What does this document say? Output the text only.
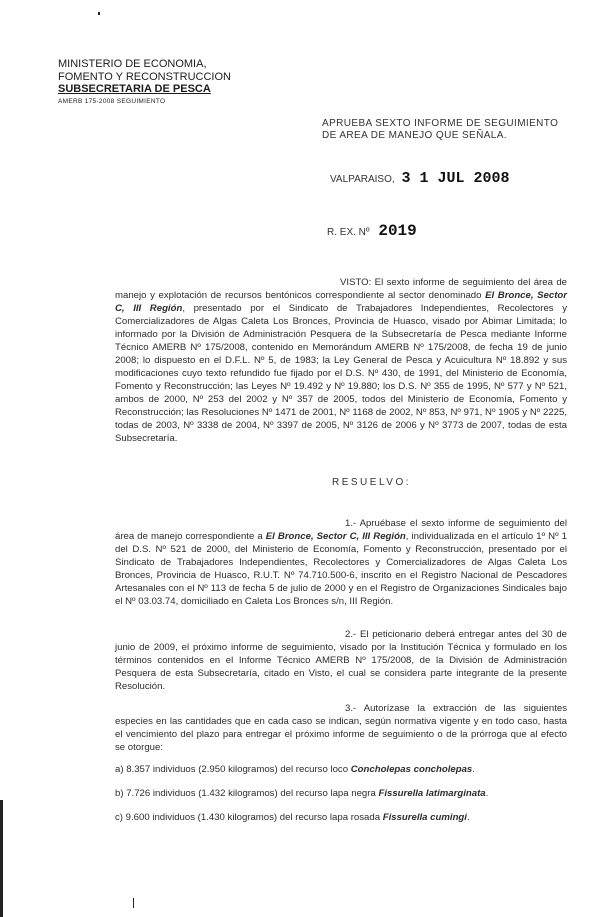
MINISTERIO DE ECONOMIA,
FOMENTO Y RECONSTRUCCION
SUBSECRETARIA DE PESCA
AMERB 175-2008 SEGUIMIENTO
APRUEBA SEXTO INFORME DE SEGUIMIENTO
DE AREA DE MANEJO QUE SEÑALA.
VALPARAISO, 3 1 JUL 2008
R. EX. Nº 2019
VISTO: El sexto informe de seguimiento del área de manejo y explotación de recursos bentónicos correspondiente al sector denominado El Bronce, Sector C, III Región, presentado por el Sindicato de Trabajadores Independientes, Recolectores y Comercializadores de Algas Caleta Los Bronces, Provincia de Huasco, visado por Abimar Limitada; lo informado por la División de Administración Pesquera de la Subsecretaría de Pesca mediante Informe Técnico AMERB Nº 175/2008, contenido en Memorándum AMERB Nº 175/2008, de fecha 19 de junio 2008; lo dispuesto en el D.F.L. Nº 5, de 1983; la Ley General de Pesca y Acuicultura Nº 18.892 y sus modificaciones cuyo texto refundido fue fijado por el D.S. Nº 430, de 1991, del Ministerio de Economía, Fomento y Reconstrucción; las Leyes Nº 19.492 y Nº 19.880; los D.S. Nº 355 de 1995, Nº 577 y Nº 521, ambos de 2000, Nº 253 del 2002 y Nº 357 de 2005, todos del Ministerio de Economía, Fomento y Reconstrucción; las Resoluciones Nº 1471 de 2001, Nº 1168 de 2002, Nº 853, Nº 971, Nº 1905 y Nº 2225, todas de 2003, Nº 3338 de 2004, Nº 3397 de 2005, Nº 3126 de 2006 y Nº 3773 de 2007, todas de esta Subsecretaría.
RESUELVO:
1.- Apruébase el sexto informe de seguimiento del área de manejo correspondiente a El Bronce, Sector C, III Región, individualizada en el artículo 1º Nº 1 del D.S. Nº 521 de 2000, del Ministerio de Economía, Fomento y Reconstrucción, presentado por el Sindicato de Trabajadores Independientes, Recolectores y Comercializadores de Algas Caleta Los Bronces, Provincia de Huasco, R.U.T. Nº 74.710.500-6, inscrito en el Registro Nacional de Pescadores Artesanales con el Nº 113 de fecha 5 de julio de 2000 y en el Registro de Organizaciones Sindicales bajo el Nº 03.03.74, domiciliado en Caleta Los Bronces s/n, III Región.
2.- El peticionario deberá entregar antes del 30 de junio de 2009, el próximo informe de seguimiento, visado por la Institución Técnica y formulado en los términos contenidos en el Informe Técnico AMERB Nº 175/2008, de la División de Administración Pesquera de esta Subsecretaría, citado en Visto, el cual se considera parte integrante de la presente Resolución.
3.- Autorízase la extracción de las siguientes especies en las cantidades que en cada caso se indican, según normativa vigente y en todo caso, hasta el vencimiento del plazo para entregar el próximo informe de seguimiento o de la prórroga que al efecto se otorgue:
a) 8.357 individuos (2.950 kilogramos) del recurso loco Concholepas concholepas.
b) 7.726 individuos (1.432 kilogramos) del recurso lapa negra Fissurella latimarginata.
c) 9.600 individuos (1.430 kilogramos) del recurso lapa rosada Fissurella cumingi.
